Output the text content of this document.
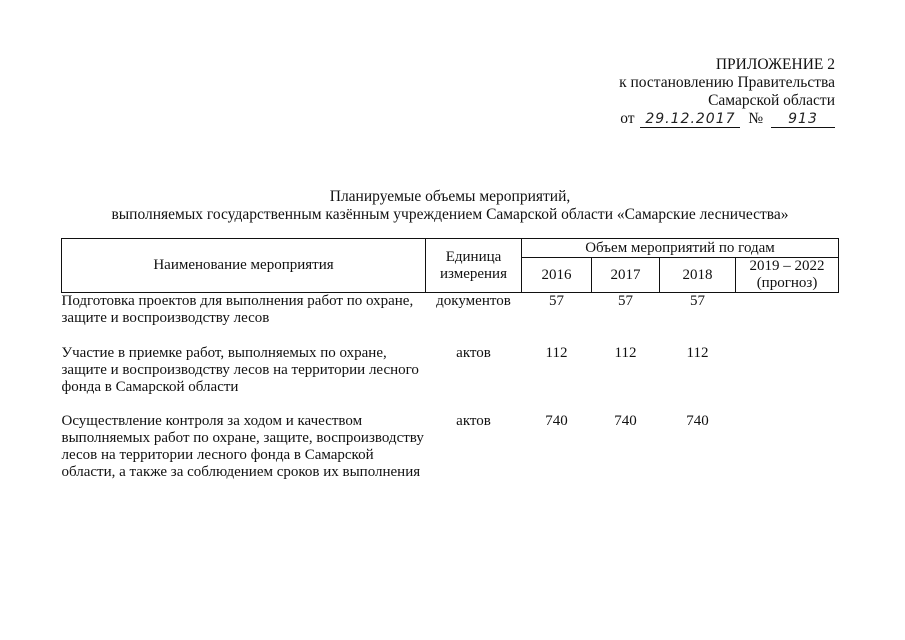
ПРИЛОЖЕНИЕ 2
к постановлению Правительства
Самарской области
от 29.12.2017 № 913
Планируемые объемы мероприятий,
выполняемых государственным казённым учреждением Самарской области «Самарские лесничества»
Наименование мероприятия	Единица измерения	Объем мероприятий по годам			
		2016	2017	2018	2019 – 2022 (прогноз)
Подготовка проектов для выполнения работ по охране, защите и воспроизводству лесов	документов	57	57	57	
Участие в приемке работ, выполняемых по охране, защите и воспроизводству лесов на территории лесного фонда в Самарской области	актов	112	112	112	
Осуществление контроля за ходом и качеством выполняемых работ по охране, защите, воспроизводству лесов на территории лесного фонда в Самарской области, а также за соблюдением сроков их выполнения	актов	740	740	740	
